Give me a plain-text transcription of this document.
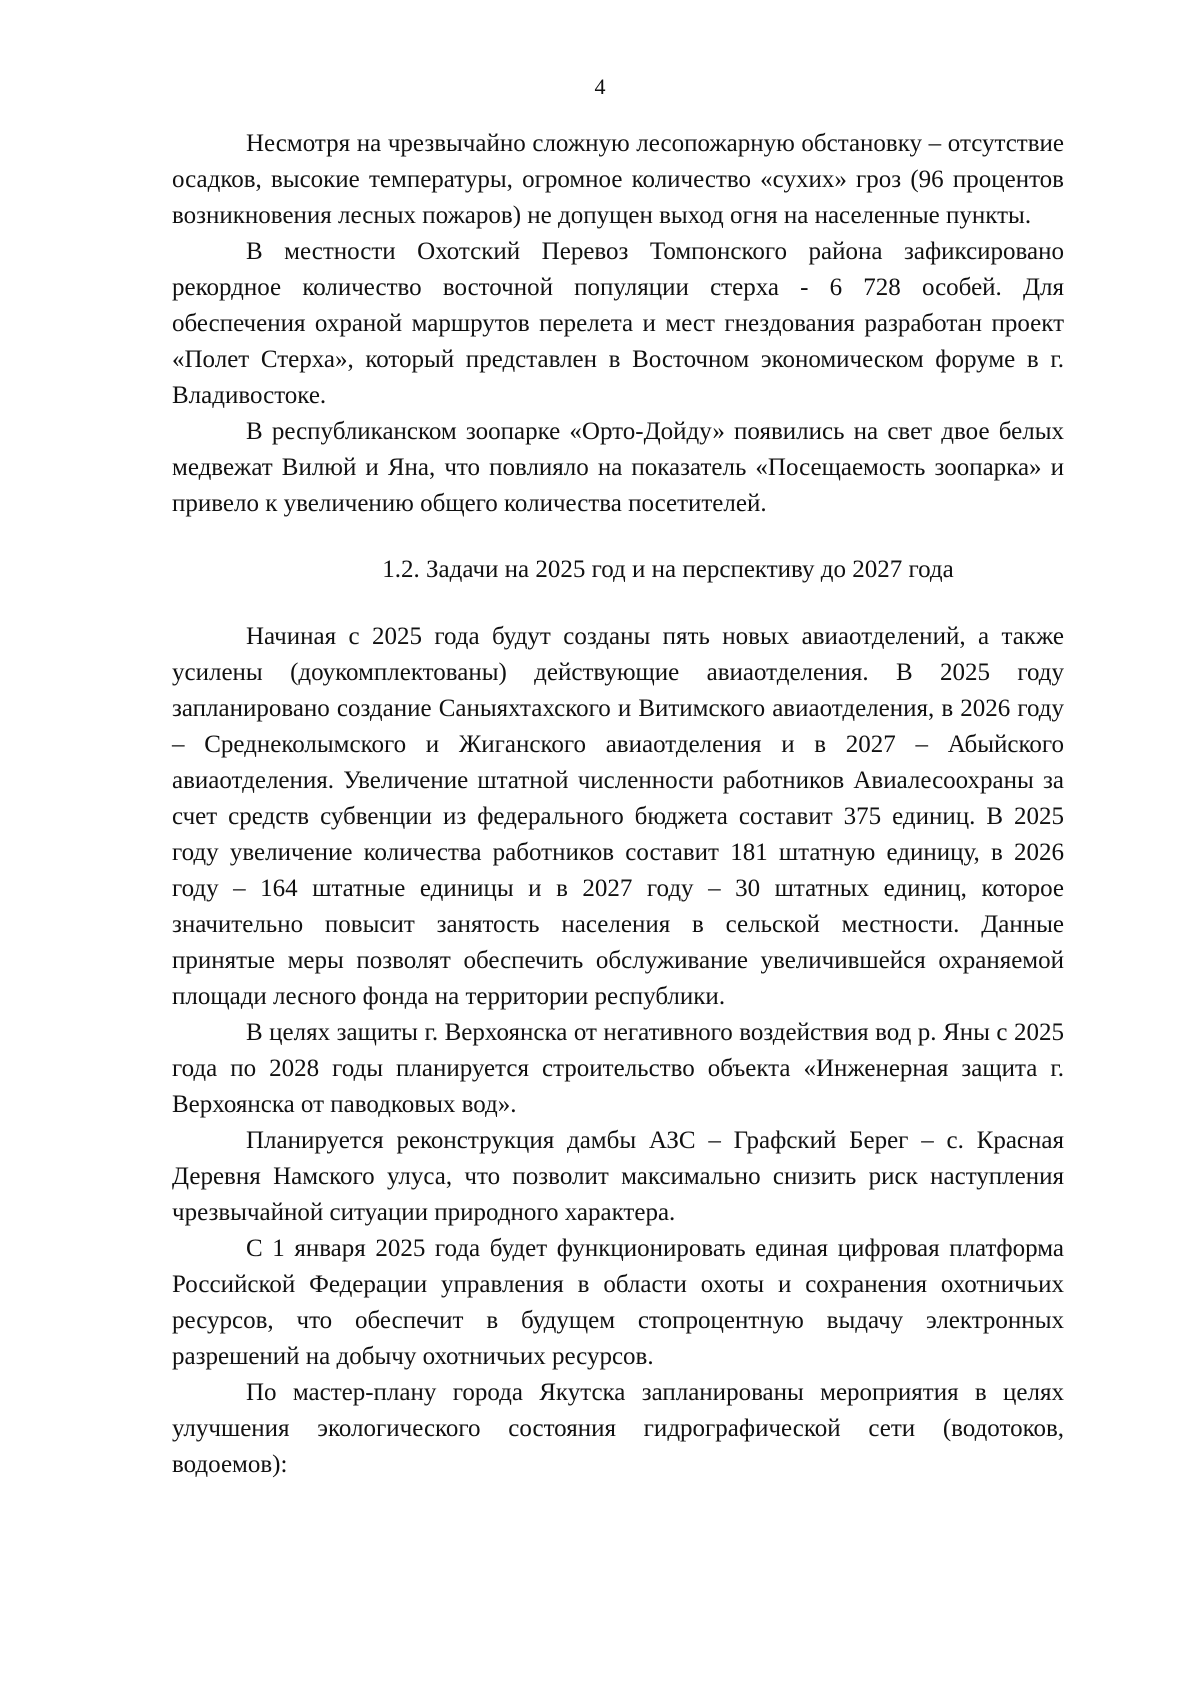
4

Несмотря на чрезвычайно сложную лесопожарную обстановку – отсутствие осадков, высокие температуры, огромное количество «сухих» гроз (96 процентов возникновения лесных пожаров) не допущен выход огня на населенные пункты.

В местности Охотский Перевоз Томпонского района зафиксировано рекордное количество восточной популяции стерха - 6 728 особей. Для обеспечения охраной маршрутов перелета и мест гнездования разработан проект «Полет Стерха», который представлен в Восточном экономическом форуме в г. Владивостоке.

В республиканском зоопарке «Орто-Дойду» появились на свет двое белых медвежат Вилюй и Яна, что повлияло на показатель «Посещаемость зоопарка» и привело к увеличению общего количества посетителей.

1.2. Задачи на 2025 год и на перспективу до 2027 года

Начиная с 2025 года будут созданы пять новых авиаотделений, а также усилены (доукомплектованы) действующие авиаотделения. В 2025 году запланировано создание Саныяхтахского и Витимского авиаотделения, в 2026 году – Среднеколымского и Жиганского авиаотделения и в 2027 – Абыйского авиаотделения. Увеличение штатной численности работников Авиалесоохраны за счет средств субвенции из федерального бюджета составит 375 единиц. В 2025 году увеличение количества работников составит 181 штатную единицу, в 2026 году – 164 штатные единицы и в 2027 году – 30 штатных единиц, которое значительно повысит занятость населения в сельской местности. Данные принятые меры позволят обеспечить обслуживание увеличившейся охраняемой площади лесного фонда на территории республики.

В целях защиты г. Верхоянска от негативного воздействия вод р. Яны с 2025 года по 2028 годы планируется строительство объекта «Инженерная защита г. Верхоянска от паводковых вод».

Планируется реконструкция дамбы АЗС – Графский Берег – с. Красная Деревня Намского улуса, что позволит максимально снизить риск наступления чрезвычайной ситуации природного характера.

С 1 января 2025 года будет функционировать единая цифровая платформа Российской Федерации управления в области охоты и сохранения охотничьих ресурсов, что обеспечит в будущем стопроцентную выдачу электронных разрешений на добычу охотничьих ресурсов.

По мастер-плану города Якутска запланированы мероприятия в целях улучшения экологического состояния гидрографической сети (водотоков, водоемов):
